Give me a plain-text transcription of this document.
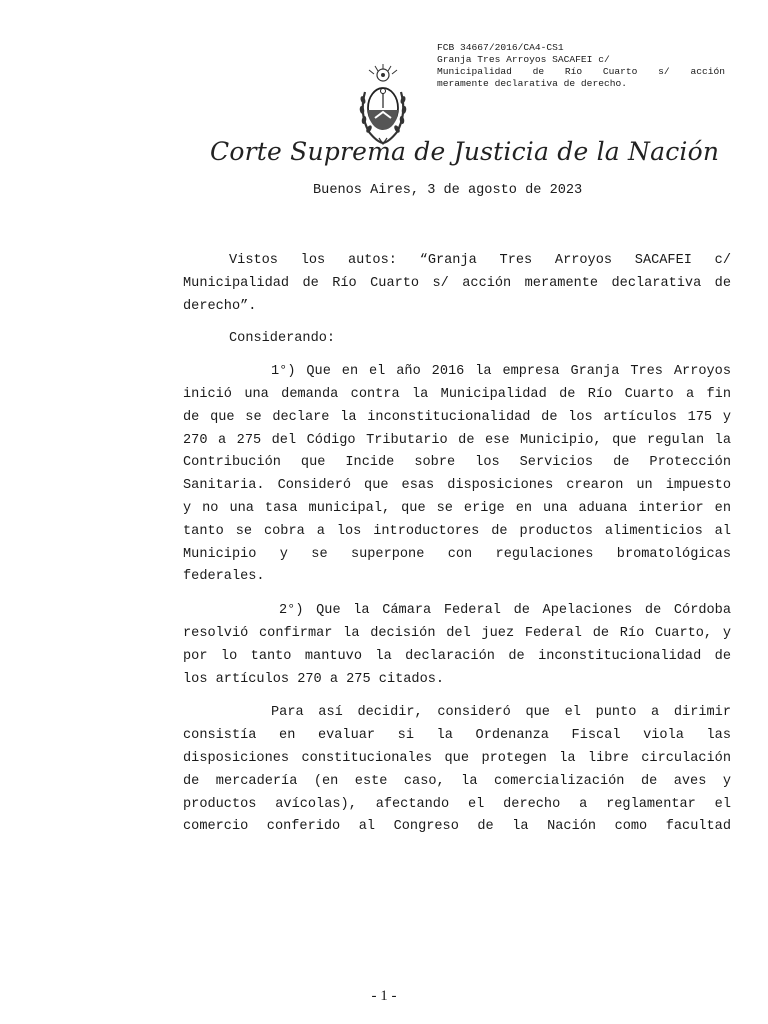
FCB 34667/2016/CA4-CS1
Granja Tres Arroyos SACAFEI c/
Municipalidad de Río Cuarto s/ acción
meramente declarativa de derecho.
Corte Suprema de Justicia de la Nación
Buenos Aires, 3 de agosto de 2023
Vistos los autos: “Granja Tres Arroyos SACAFEI c/
Municipalidad de Río Cuarto s/ acción meramente declarativa de
derecho”.
Considerando:
1°) Que en el año 2016 la empresa Granja Tres Arroyos
inició una demanda contra la Municipalidad de Río Cuarto a fin
de que se declare la inconstitucionalidad de los artículos 175 y
270 a 275 del Código Tributario de ese Municipio, que regulan la
Contribución que Incide sobre los Servicios de Protección
Sanitaria. Consideró que esas disposiciones crearon un impuesto
y no una tasa municipal, que se erige en una aduana interior en
tanto se cobra a los introductores de productos alimenticios al
Municipio y se superpone con regulaciones bromatológicas
federales.
2°) Que la Cámara Federal de Apelaciones de Córdoba
resolvió confirmar la decisión del juez Federal de Río Cuarto, y
por lo tanto mantuvo la declaración de inconstitucionalidad de
los artículos 270 a 275 citados.
Para así decidir, consideró que el punto a dirimir
consistía en evaluar si la Ordenanza Fiscal viola las
disposiciones constitucionales que protegen la libre circulación
de mercadería (en este caso, la comercialización de aves y
productos avícolas), afectando el derecho a reglamentar el
comercio conferido al Congreso de la Nación como facultad
- 1 -
